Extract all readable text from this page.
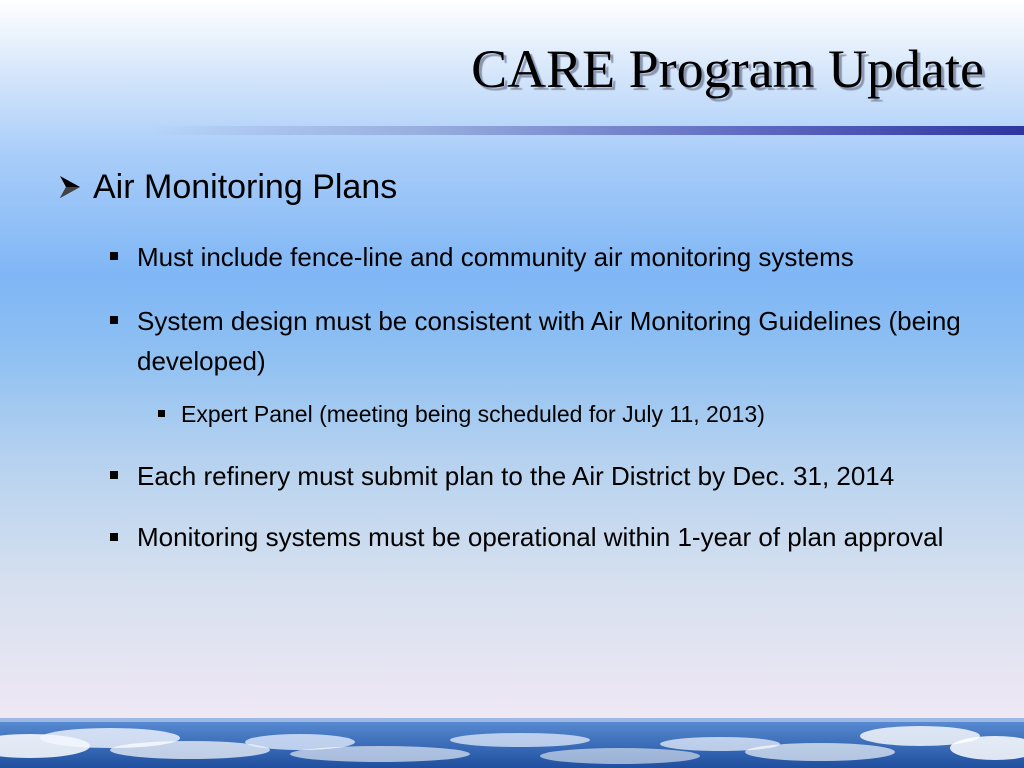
CARE Program Update
Air Monitoring Plans
Must include fence-line and community air monitoring systems
System design must be consistent with Air Monitoring Guidelines (being developed)
Expert Panel (meeting being scheduled for July 11, 2013)
Each refinery must submit plan to the Air District by Dec. 31, 2014
Monitoring systems must be operational within 1-year of plan approval
